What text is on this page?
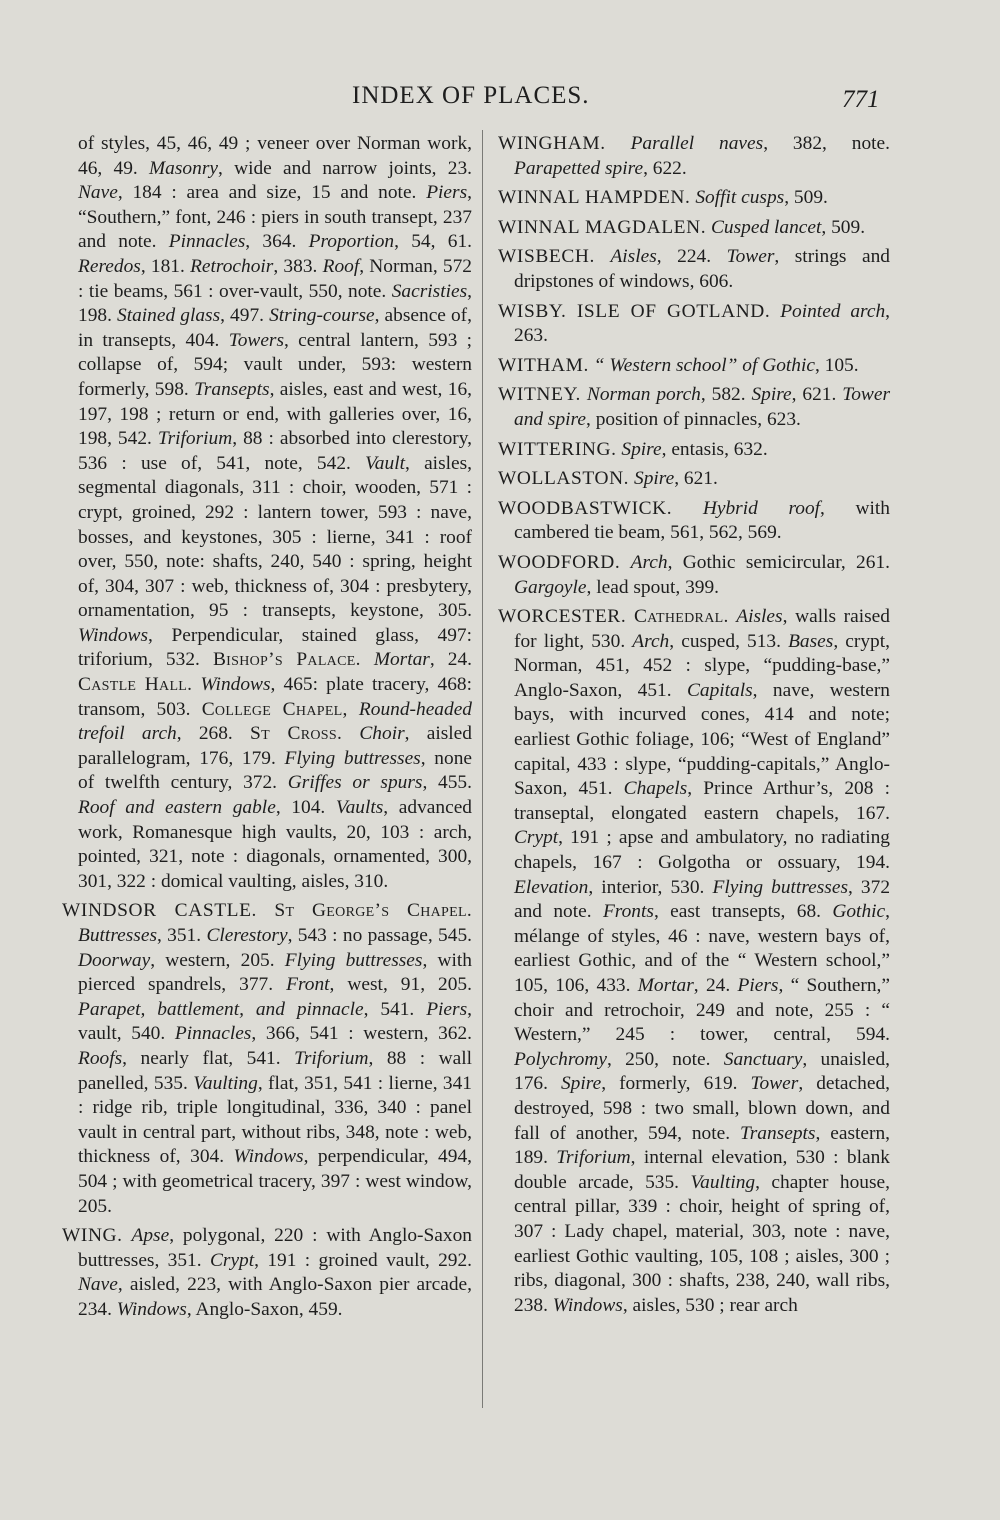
INDEX OF PLACES.	771

of styles, 45, 46, 49 ; veneer over Norman work, 46, 49. Masonry, wide and narrow joints, 23. Nave, 184 : area and size, 15 and note. Piers, “Southern,” font, 246 : piers in south transept, 237 and note. Pinnacles, 364. Proportion, 54, 61. Reredos, 181. Retrochoir, 383. Roof, Norman, 572 : tie beams, 561 : over-vault, 550, note. Sacristies, 198. Stained glass, 497. String-course, absence of, in transepts, 404. Towers, central lantern, 593 ; collapse of, 594; vault under, 593: western formerly, 598. Transepts, aisles, east and west, 16, 197, 198 ; return or end, with galleries over, 16, 198, 542. Triforium, 88 : absorbed into clerestory, 536 : use of, 541, note, 542. Vault, aisles, segmental diagonals, 311 : choir, wooden, 571 : crypt, groined, 292 : lantern tower, 593 : nave, bosses, and keystones, 305 : lierne, 341 : roof over, 550, note: shafts, 240, 540 : spring, height of, 304, 307 : web, thickness of, 304 : presbytery, ornamentation, 95 : transepts, keystone, 305. Windows, Perpendicular, stained glass, 497: triforium, 532. Bishop’s Palace. Mortar, 24. Castle Hall. Windows, 465: plate tracery, 468: transom, 503. College Chapel, Round-headed trefoil arch, 268. St Cross. Choir, aisled parallelogram, 176, 179. Flying buttresses, none of twelfth century, 372. Griffes or spurs, 455. Roof and eastern gable, 104. Vaults, advanced work, Romanesque high vaults, 20, 103 : arch, pointed, 321, note : diagonals, ornamented, 300, 301, 322 : domical vaulting, aisles, 310.

WINDSOR CASTLE. St George’s Chapel. Buttresses, 351. Clerestory, 543 : no passage, 545. Doorway, western, 205. Flying buttresses, with pierced spandrels, 377. Front, west, 91, 205. Parapet, battlement, and pinnacle, 541. Piers, vault, 540. Pinnacles, 366, 541 : western, 362. Roofs, nearly flat, 541. Triforium, 88 : wall panelled, 535. Vaulting, flat, 351, 541 : lierne, 341 : ridge rib, triple longitudinal, 336, 340 : panel vault in central part, without ribs, 348, note : web, thickness of, 304. Windows, perpendicular, 494, 504 ; with geometrical tracery, 397 : west window, 205.

WING. Apse, polygonal, 220 : with Anglo-Saxon buttresses, 351. Crypt, 191 : groined vault, 292. Nave, aisled, 223, with Anglo-Saxon pier arcade, 234. Windows, Anglo-Saxon, 459.

WINGHAM. Parallel naves, 382, note. Parapetted spire, 622.

WINNAL HAMPDEN. Soffit cusps, 509.

WINNAL MAGDALEN. Cusped lancet, 509.

WISBECH. Aisles, 224. Tower, strings and dripstones of windows, 606.

WISBY. ISLE OF GOTLAND. Pointed arch, 263.

WITHAM. “ Western school” of Gothic, 105.

WITNEY. Norman porch, 582. Spire, 621. Tower and spire, position of pinnacles, 623.

WITTERING. Spire, entasis, 632.

WOLLASTON. Spire, 621.

WOODBASTWICK. Hybrid roof, with cambered tie beam, 561, 562, 569.

WOODFORD. Arch, Gothic semicircular, 261. Gargoyle, lead spout, 399.

WORCESTER. Cathedral. Aisles, walls raised for light, 530. Arch, cusped, 513. Bases, crypt, Norman, 451, 452 : slype, “pudding-base,” Anglo-Saxon, 451. Capitals, nave, western bays, with incurved cones, 414 and note; earliest Gothic foliage, 106; “West of England” capital, 433 : slype, “pudding-capitals,” Anglo-Saxon, 451. Chapels, Prince Arthur’s, 208 : transeptal, elongated eastern chapels, 167. Crypt, 191 ; apse and ambulatory, no radiating chapels, 167 : Golgotha or ossuary, 194. Elevation, interior, 530. Flying buttresses, 372 and note. Fronts, east transepts, 68. Gothic, mélange of styles, 46 : nave, western bays of, earliest Gothic, and of the “ Western school,” 105, 106, 433. Mortar, 24. Piers, “ Southern,” choir and retrochoir, 249 and note, 255 : “ Western,” 245 : tower, central, 594. Polychromy, 250, note. Sanctuary, unaisled, 176. Spire, formerly, 619. Tower, detached, destroyed, 598 : two small, blown down, and fall of another, 594, note. Transepts, eastern, 189. Triforium, internal elevation, 530 : blank double arcade, 535. Vaulting, chapter house, central pillar, 339 : choir, height of spring of, 307 : Lady chapel, material, 303, note : nave, earliest Gothic vaulting, 105, 108 ; aisles, 300 ; ribs, diagonal, 300 : shafts, 238, 240, wall ribs, 238. Windows, aisles, 530 ; rear arch
